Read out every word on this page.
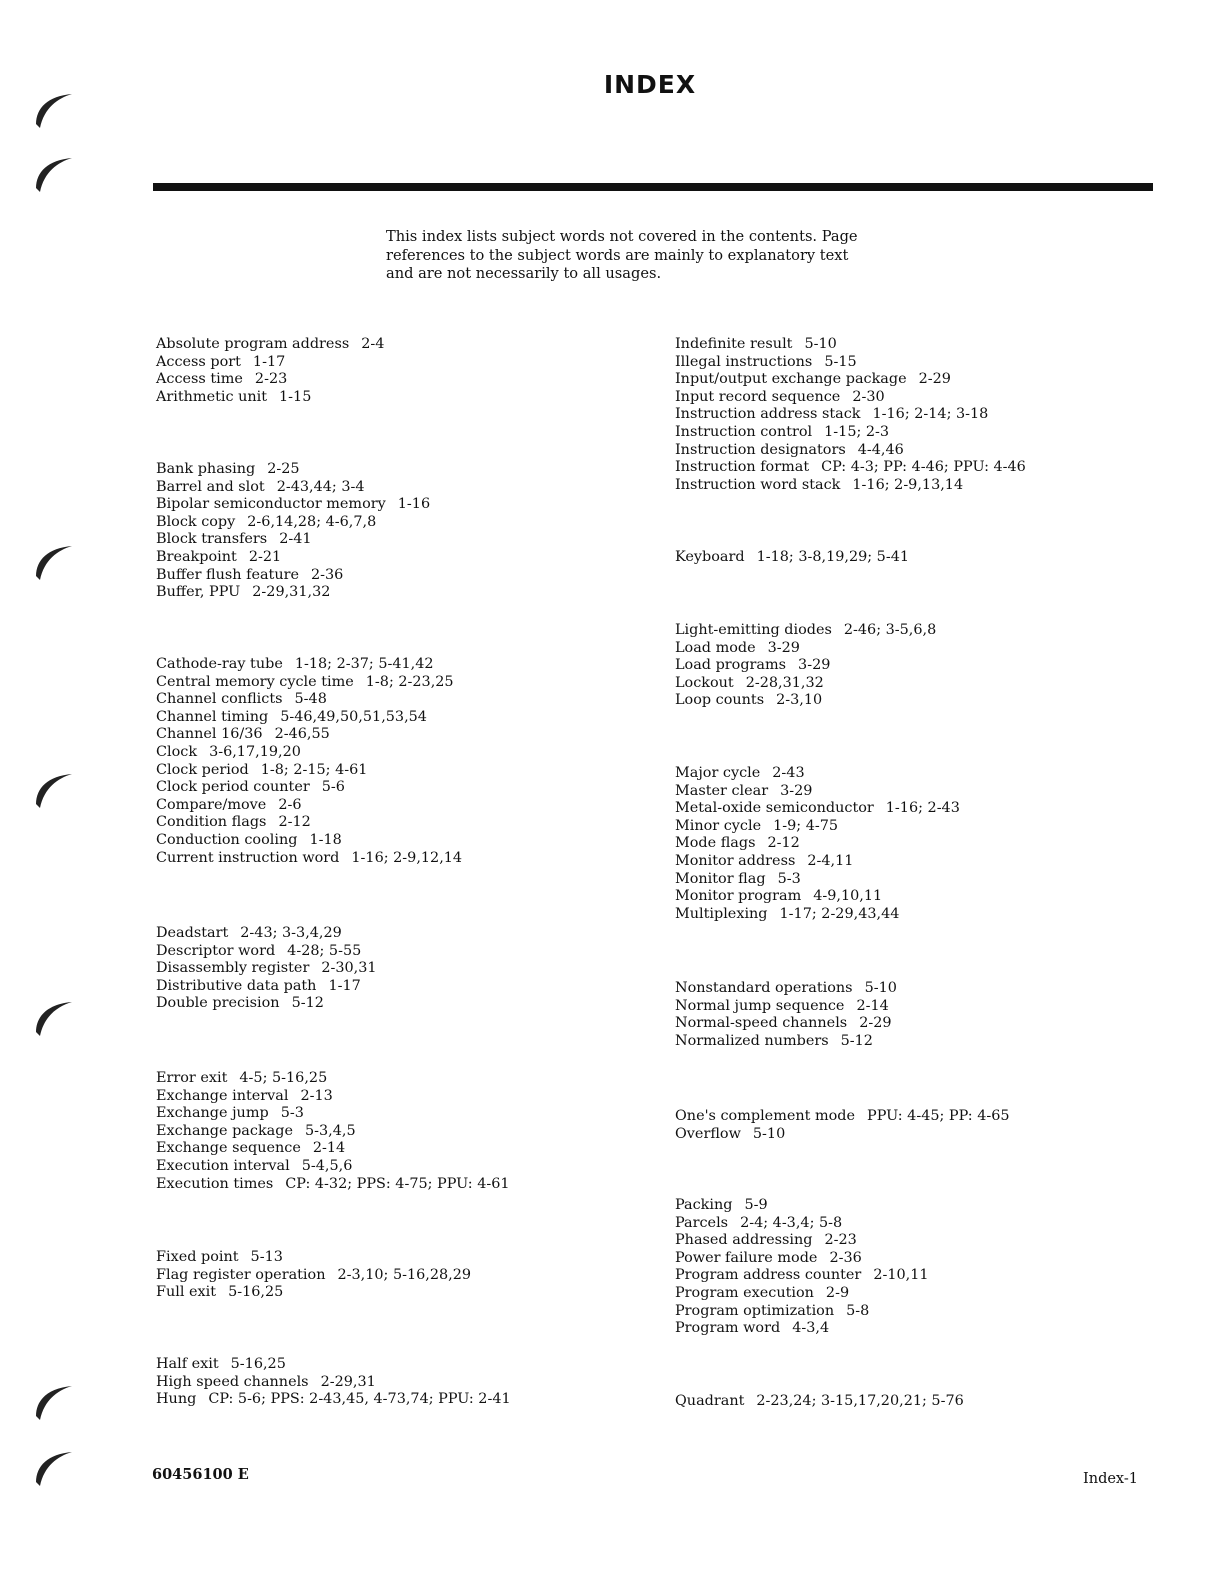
INDEX
This index lists subject words not covered in the contents. Page
references to the subject words are mainly to explanatory text
and are not necessarily to all usages.
Absolute program address 2-4
Access port 1-17
Access time 2-23
Arithmetic unit 1-15
Bank phasing 2-25
Barrel and slot 2-43,44; 3-4
Bipolar semiconductor memory 1-16
Block copy 2-6,14,28; 4-6,7,8
Block transfers 2-41
Breakpoint 2-21
Buffer flush feature 2-36
Buffer, PPU 2-29,31,32
Cathode-ray tube 1-18; 2-37; 5-41,42
Central memory cycle time 1-8; 2-23,25
Channel conflicts 5-48
Channel timing 5-46,49,50,51,53,54
Channel 16/36 2-46,55
Clock 3-6,17,19,20
Clock period 1-8; 2-15; 4-61
Clock period counter 5-6
Compare/move 2-6
Condition flags 2-12
Conduction cooling 1-18
Current instruction word 1-16; 2-9,12,14
Deadstart 2-43; 3-3,4,29
Descriptor word 4-28; 5-55
Disassembly register 2-30,31
Distributive data path 1-17
Double precision 5-12
Error exit 4-5; 5-16,25
Exchange interval 2-13
Exchange jump 5-3
Exchange package 5-3,4,5
Exchange sequence 2-14
Execution interval 5-4,5,6
Execution times CP: 4-32; PPS: 4-75; PPU: 4-61
Fixed point 5-13
Flag register operation 2-3,10; 5-16,28,29
Full exit 5-16,25
Half exit 5-16,25
High speed channels 2-29,31
Hung CP: 5-6; PPS: 2-43,45, 4-73,74; PPU: 2-41
Indefinite result 5-10
Illegal instructions 5-15
Input/output exchange package 2-29
Input record sequence 2-30
Instruction address stack 1-16; 2-14; 3-18
Instruction control 1-15; 2-3
Instruction designators 4-4,46
Instruction format CP: 4-3; PP: 4-46; PPU: 4-46
Instruction word stack 1-16; 2-9,13,14
Keyboard 1-18; 3-8,19,29; 5-41
Light-emitting diodes 2-46; 3-5,6,8
Load mode 3-29
Load programs 3-29
Lockout 2-28,31,32
Loop counts 2-3,10
Major cycle 2-43
Master clear 3-29
Metal-oxide semiconductor 1-16; 2-43
Minor cycle 1-9; 4-75
Mode flags 2-12
Monitor address 2-4,11
Monitor flag 5-3
Monitor program 4-9,10,11
Multiplexing 1-17; 2-29,43,44
Nonstandard operations 5-10
Normal jump sequence 2-14
Normal-speed channels 2-29
Normalized numbers 5-12
One's complement mode PPU: 4-45; PP: 4-65
Overflow 5-10
Packing 5-9
Parcels 2-4; 4-3,4; 5-8
Phased addressing 2-23
Power failure mode 2-36
Program address counter 2-10,11
Program execution 2-9
Program optimization 5-8
Program word 4-3,4
Quadrant 2-23,24; 3-15,17,20,21; 5-76
60456100 E	Index-1
